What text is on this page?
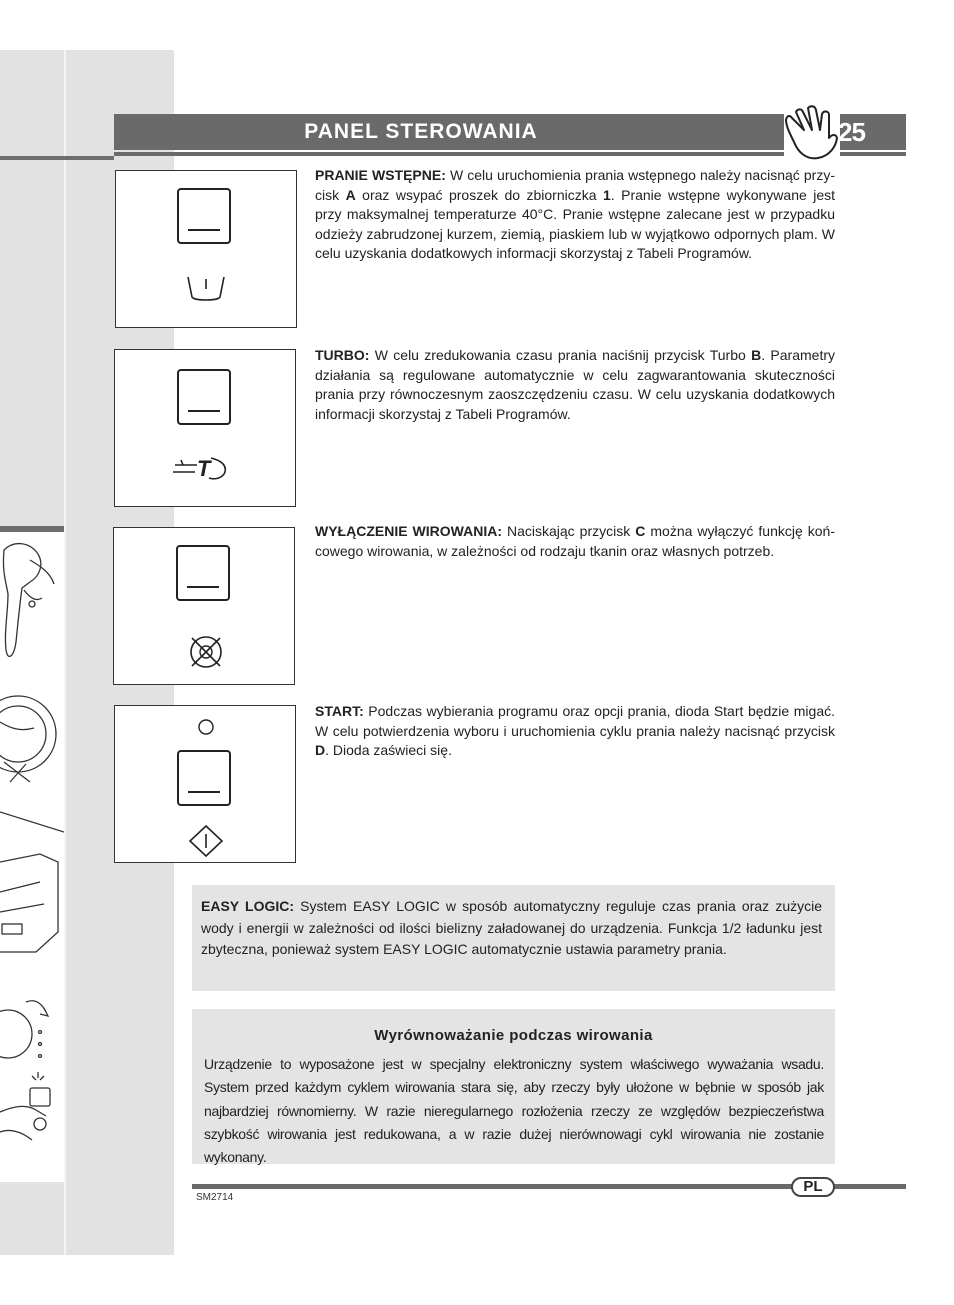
PANEL STEROWANIA	25
PRANIE WSTĘPNE: W celu uruchomienia prania wstępnego należy nacisnąć przy-cisk A oraz wsypać proszek do zbiorniczka 1. Pranie wstępne wykonywane jest przy maksymalnej temperaturze 40°C. Pranie wstępne zalecane jest w przypadku odzieży zabrudzonej kurzem, ziemią, piaskiem lub w wyjątkowo odpornych plam. W celu uzyskania dodatkowych informacji skorzystaj z Tabeli Programów.
T
TURBO: W celu zredukowania czasu prania naciśnij przycisk Turbo B. Parametry działania są regulowane automatycznie w celu zagwarantowania skuteczności prania przy równoczesnym zaoszczędzeniu czasu. W celu uzyskania dodatkowych informacji skorzystaj z Tabeli Programów.
WYŁĄCZENIE WIROWANIA: Naciskając przycisk C można wyłączyć funkcję koń-cowego wirowania, w zależności od rodzaju tkanin oraz własnych potrzeb.
START: Podczas wybierania programu oraz opcji prania, dioda Start będzie migać. W celu potwierdzenia wyboru i uruchomienia cyklu prania należy nacisnąć przycisk D. Dioda zaświeci się.
EASY LOGIC: System EASY LOGIC w sposób automatyczny reguluje czas prania oraz zużycie wody i energii w zależności od ilości bielizny załadowanej do urządzenia. Funkcja 1/2 ładunku jest zbyteczna, ponieważ system EASY LOGIC automatycznie ustawia parametry prania.
Wyrównoważanie podczas wirowania
Urządzenie to wyposażone jest w specjalny elektroniczny system właściwego wyważania wsadu. System przed każdym cyklem wirowania stara się, aby rzeczy były ułożone w bębnie w sposób jak najbardziej równomierny. W razie nieregularnego rozłożenia rzeczy ze względów bezpieczeństwa szybkość wirowania jest redukowana, a w razie dużej nierównowagi cykl wirowania nie zostanie wykonany.
PL
SM2714
